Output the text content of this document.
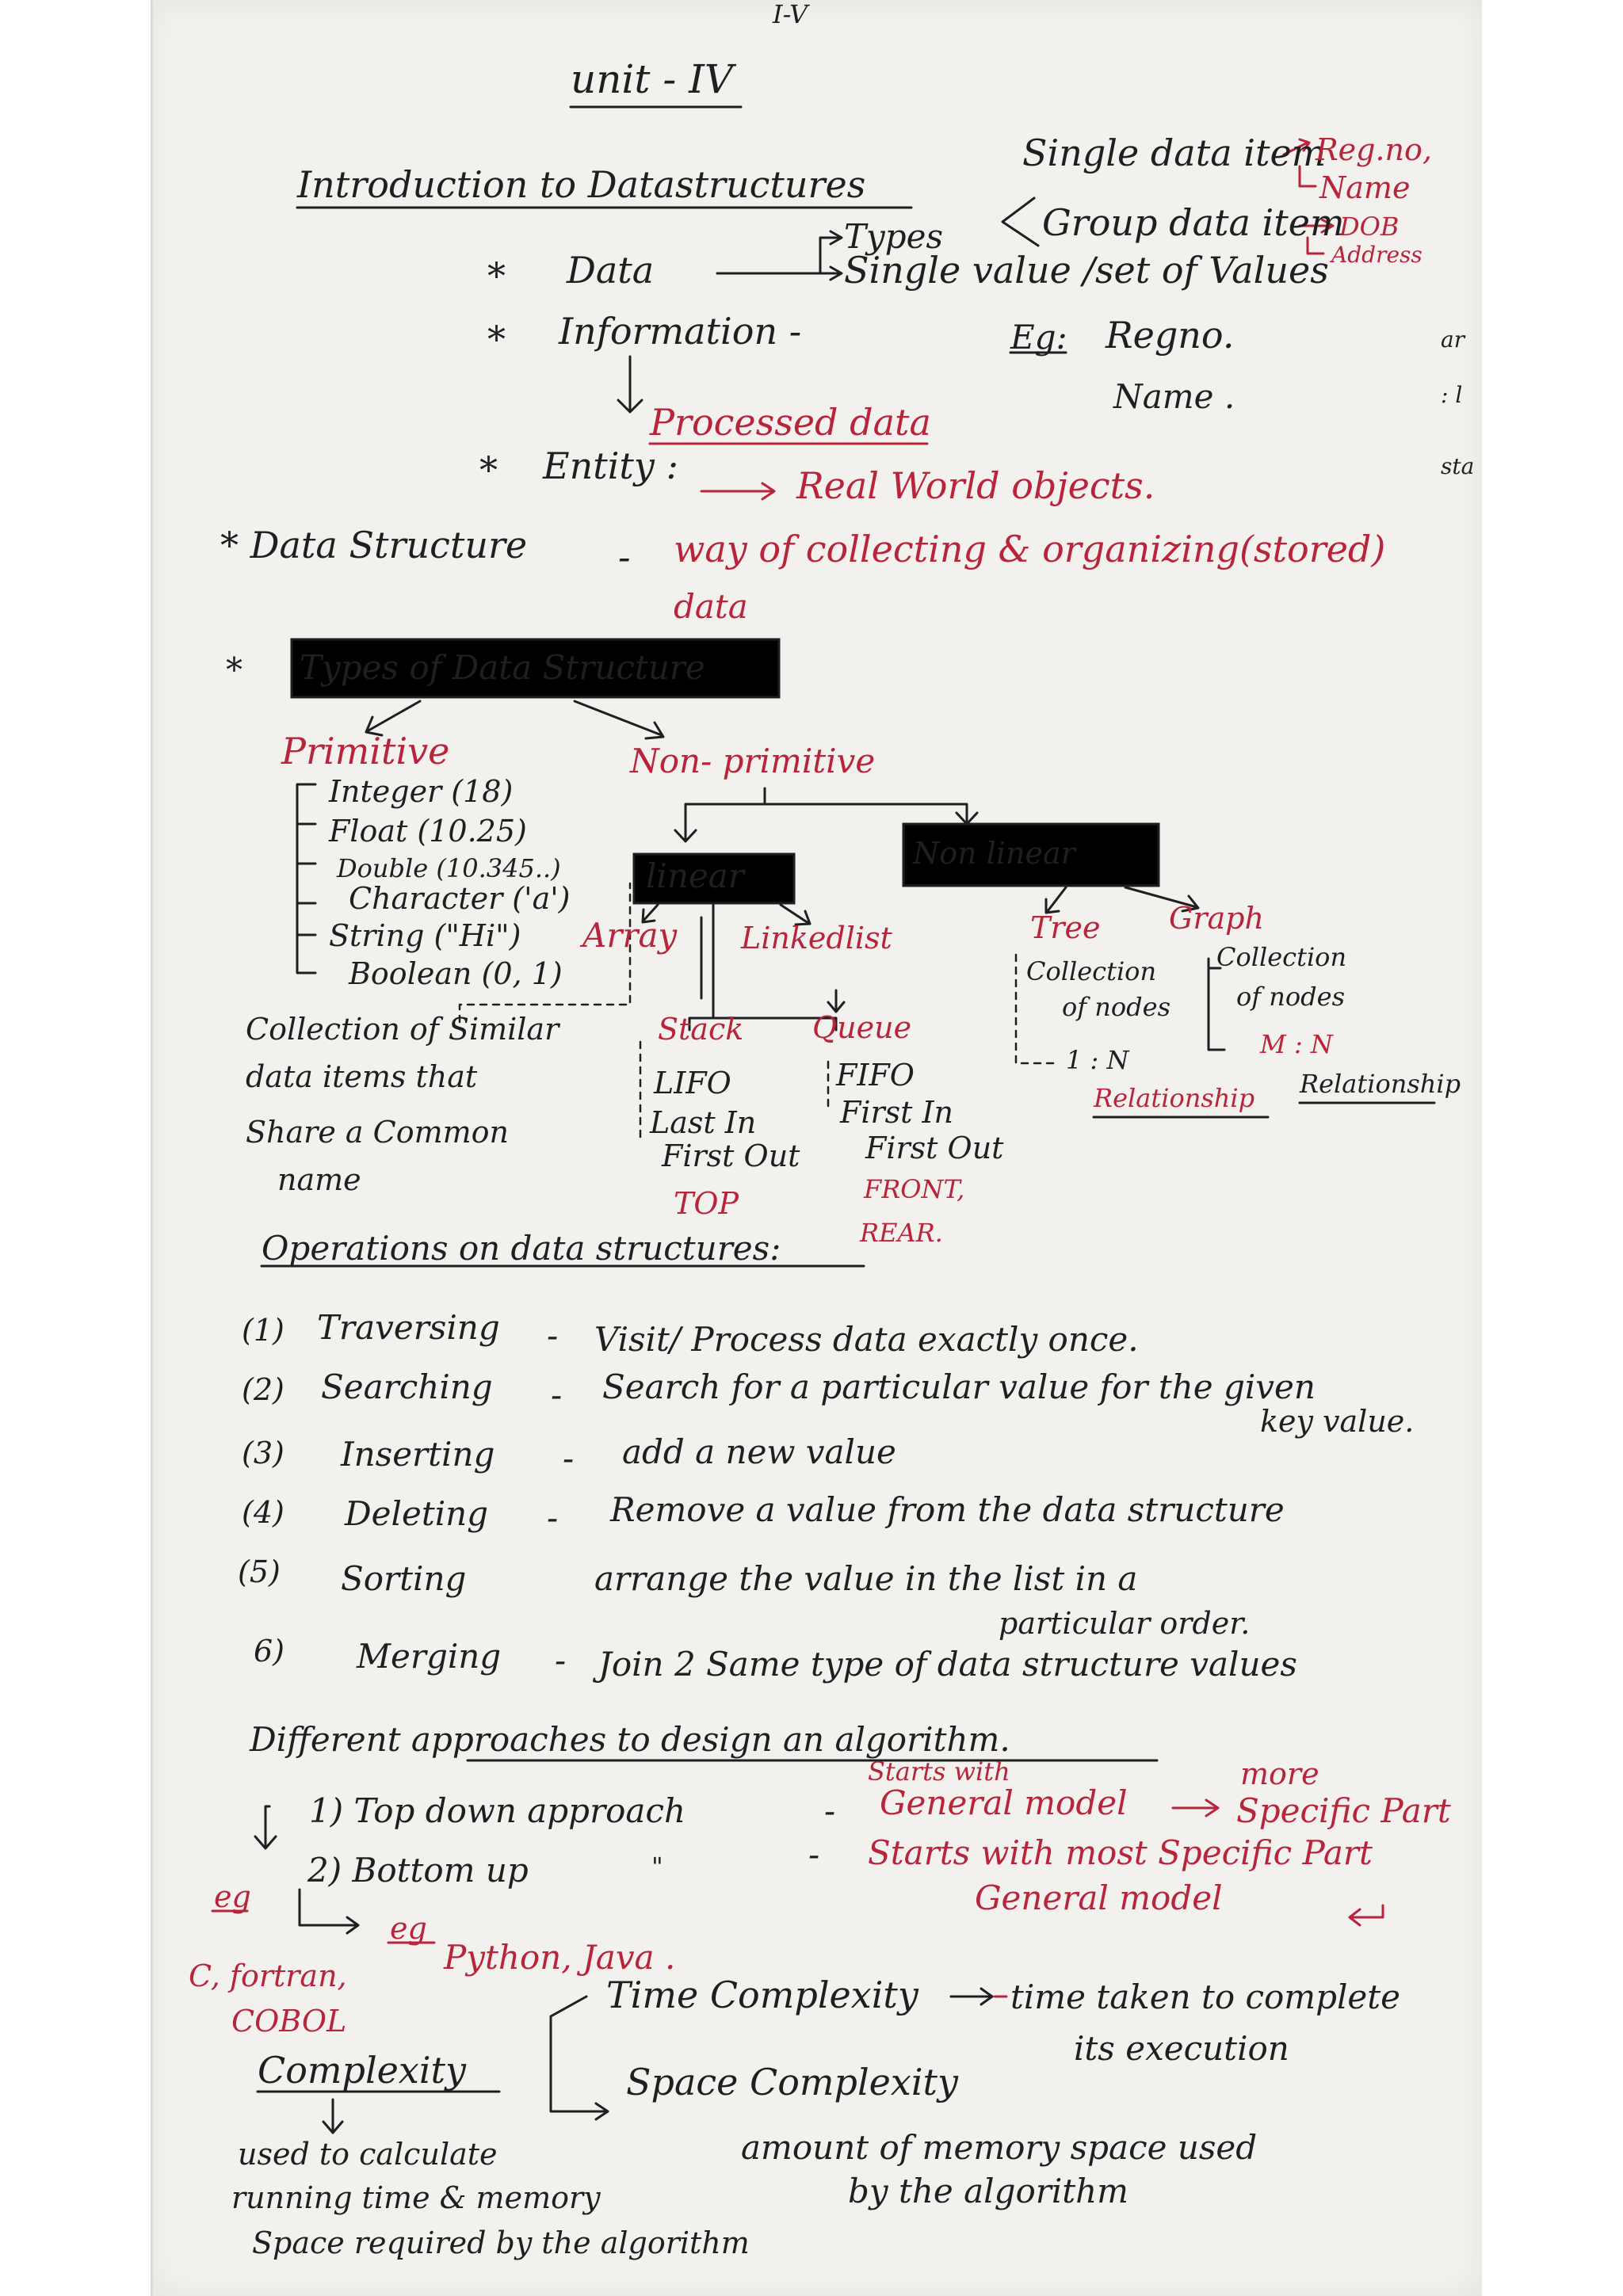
I-V
unit - IV
Introduction to Datastructures
Single data item
Reg.no,
Name
Types	Group data item
DOB
Address
Single value /set of Values
* Data
* Information -	Eg: Regno.
Name .
Processed data
* Entity :	Real World objects.
* Data Structure - way of collecting & organizing(stored)
data
* Types of Data Structure
Primitive	Non- primitive
Integer (18)
Float (10.25)
Double (10.345..)
Character ('a')
String ("Hi")
Boolean (0, 1)
linear
Non linear
Array Linkedlist
Collection of Similar
data items that
Share a Common
name
Stack
LIFO
Last In
First Out
TOP
Queue
FIFO
First In
First Out
FRONT,
REAR.
Tree
Collection
of nodes
1 : N
Relationship
Graph
Collection
of nodes
M : N
Relationship
Operations on data structures:
(1) Traversing - Visit/ Process data exactly once.
(2) Searching - Search for a particular value for the given
key value.
(3) Inserting - add a new value
(4) Deleting - Remove a value from the data structure
(5) Sorting	arrange the value in the list in a
particular order.
6) Merging - Join 2 Same type of data structure values
Different approaches to design an algorithm.
1) Top down approach	-
Starts with
General model
more
Specific Part
2) Bottom up	"	- Starts with most Specific Part
General model
eg
eg
C, fortran,
COBOL
Python, Java .
Complexity
Time Complexity	time taken to complete
its execution
Space Complexity
amount of memory space used
by the algorithm
used to calculate
running time & memory
Space required by the algorithm
ar
: l
sta
